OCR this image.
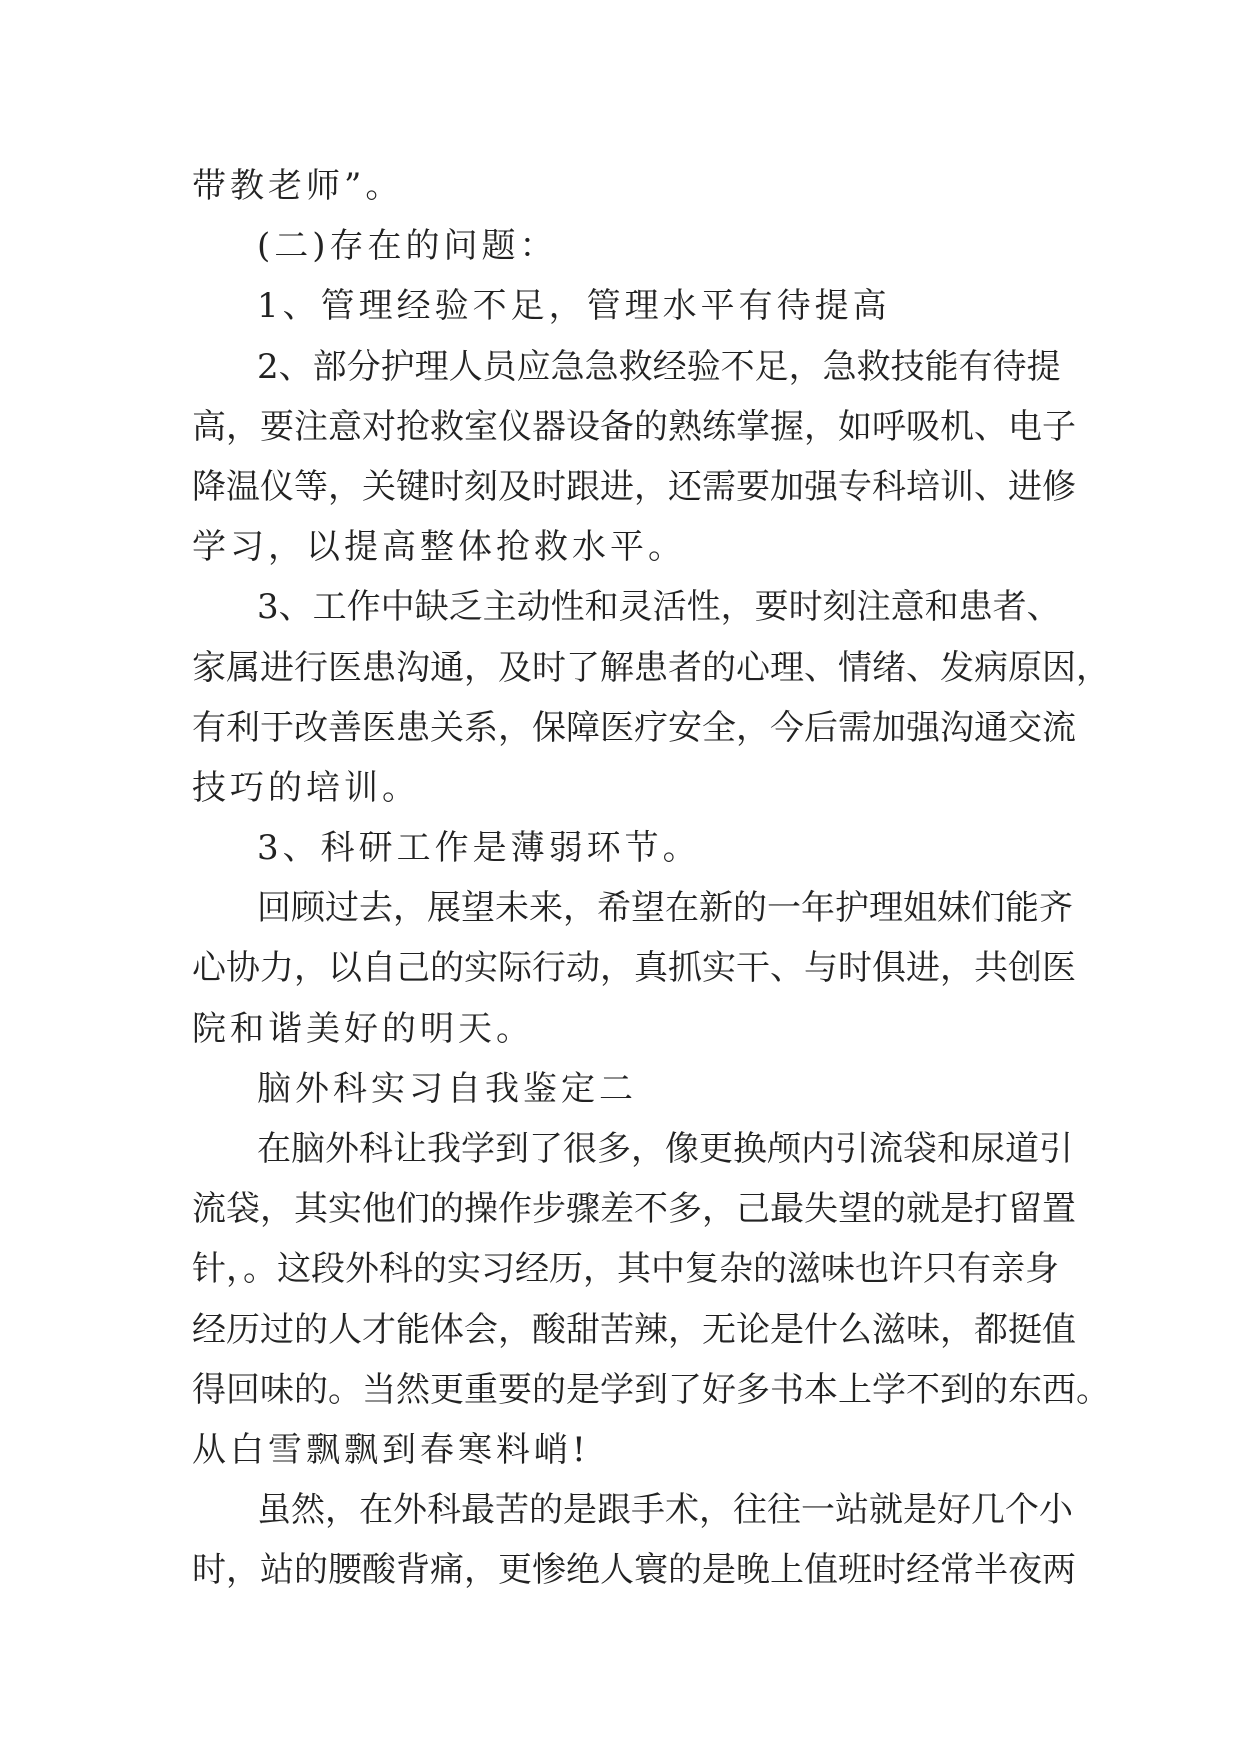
带教老师”。
(二)存在的问题：
1、管理经验不足，管理水平有待提高
2、部分护理人员应急急救经验不足，急救技能有待提
高，要注意对抢救室仪器设备的熟练掌握，如呼吸机、电子
降温仪等，关键时刻及时跟进，还需要加强专科培训、进修
学习，以提高整体抢救水平。
3、工作中缺乏主动性和灵活性，要时刻注意和患者、
家属进行医患沟通，及时了解患者的心理、情绪、发病原因，
有利于改善医患关系，保障医疗安全，今后需加强沟通交流
技巧的培训。
3、科研工作是薄弱环节。
回顾过去，展望未来，希望在新的一年护理姐妹们能齐
心协力，以自己的实际行动，真抓实干、与时俱进，共创医
院和谐美好的明天。
脑外科实习自我鉴定二
在脑外科让我学到了很多，像更换颅内引流袋和尿道引
流袋，其实他们的操作步骤差不多，己最失望的就是打留置
针，。这段外科的实习经历，其中复杂的滋味也许只有亲身
经历过的人才能体会，酸甜苦辣，无论是什么滋味，都挺值
得回味的。当然更重要的是学到了好多书本上学不到的东西。
从白雪飘飘到春寒料峭!
虽然，在外科最苦的是跟手术，往往一站就是好几个小
时，站的腰酸背痛，更惨绝人寰的是晚上值班时经常半夜两
